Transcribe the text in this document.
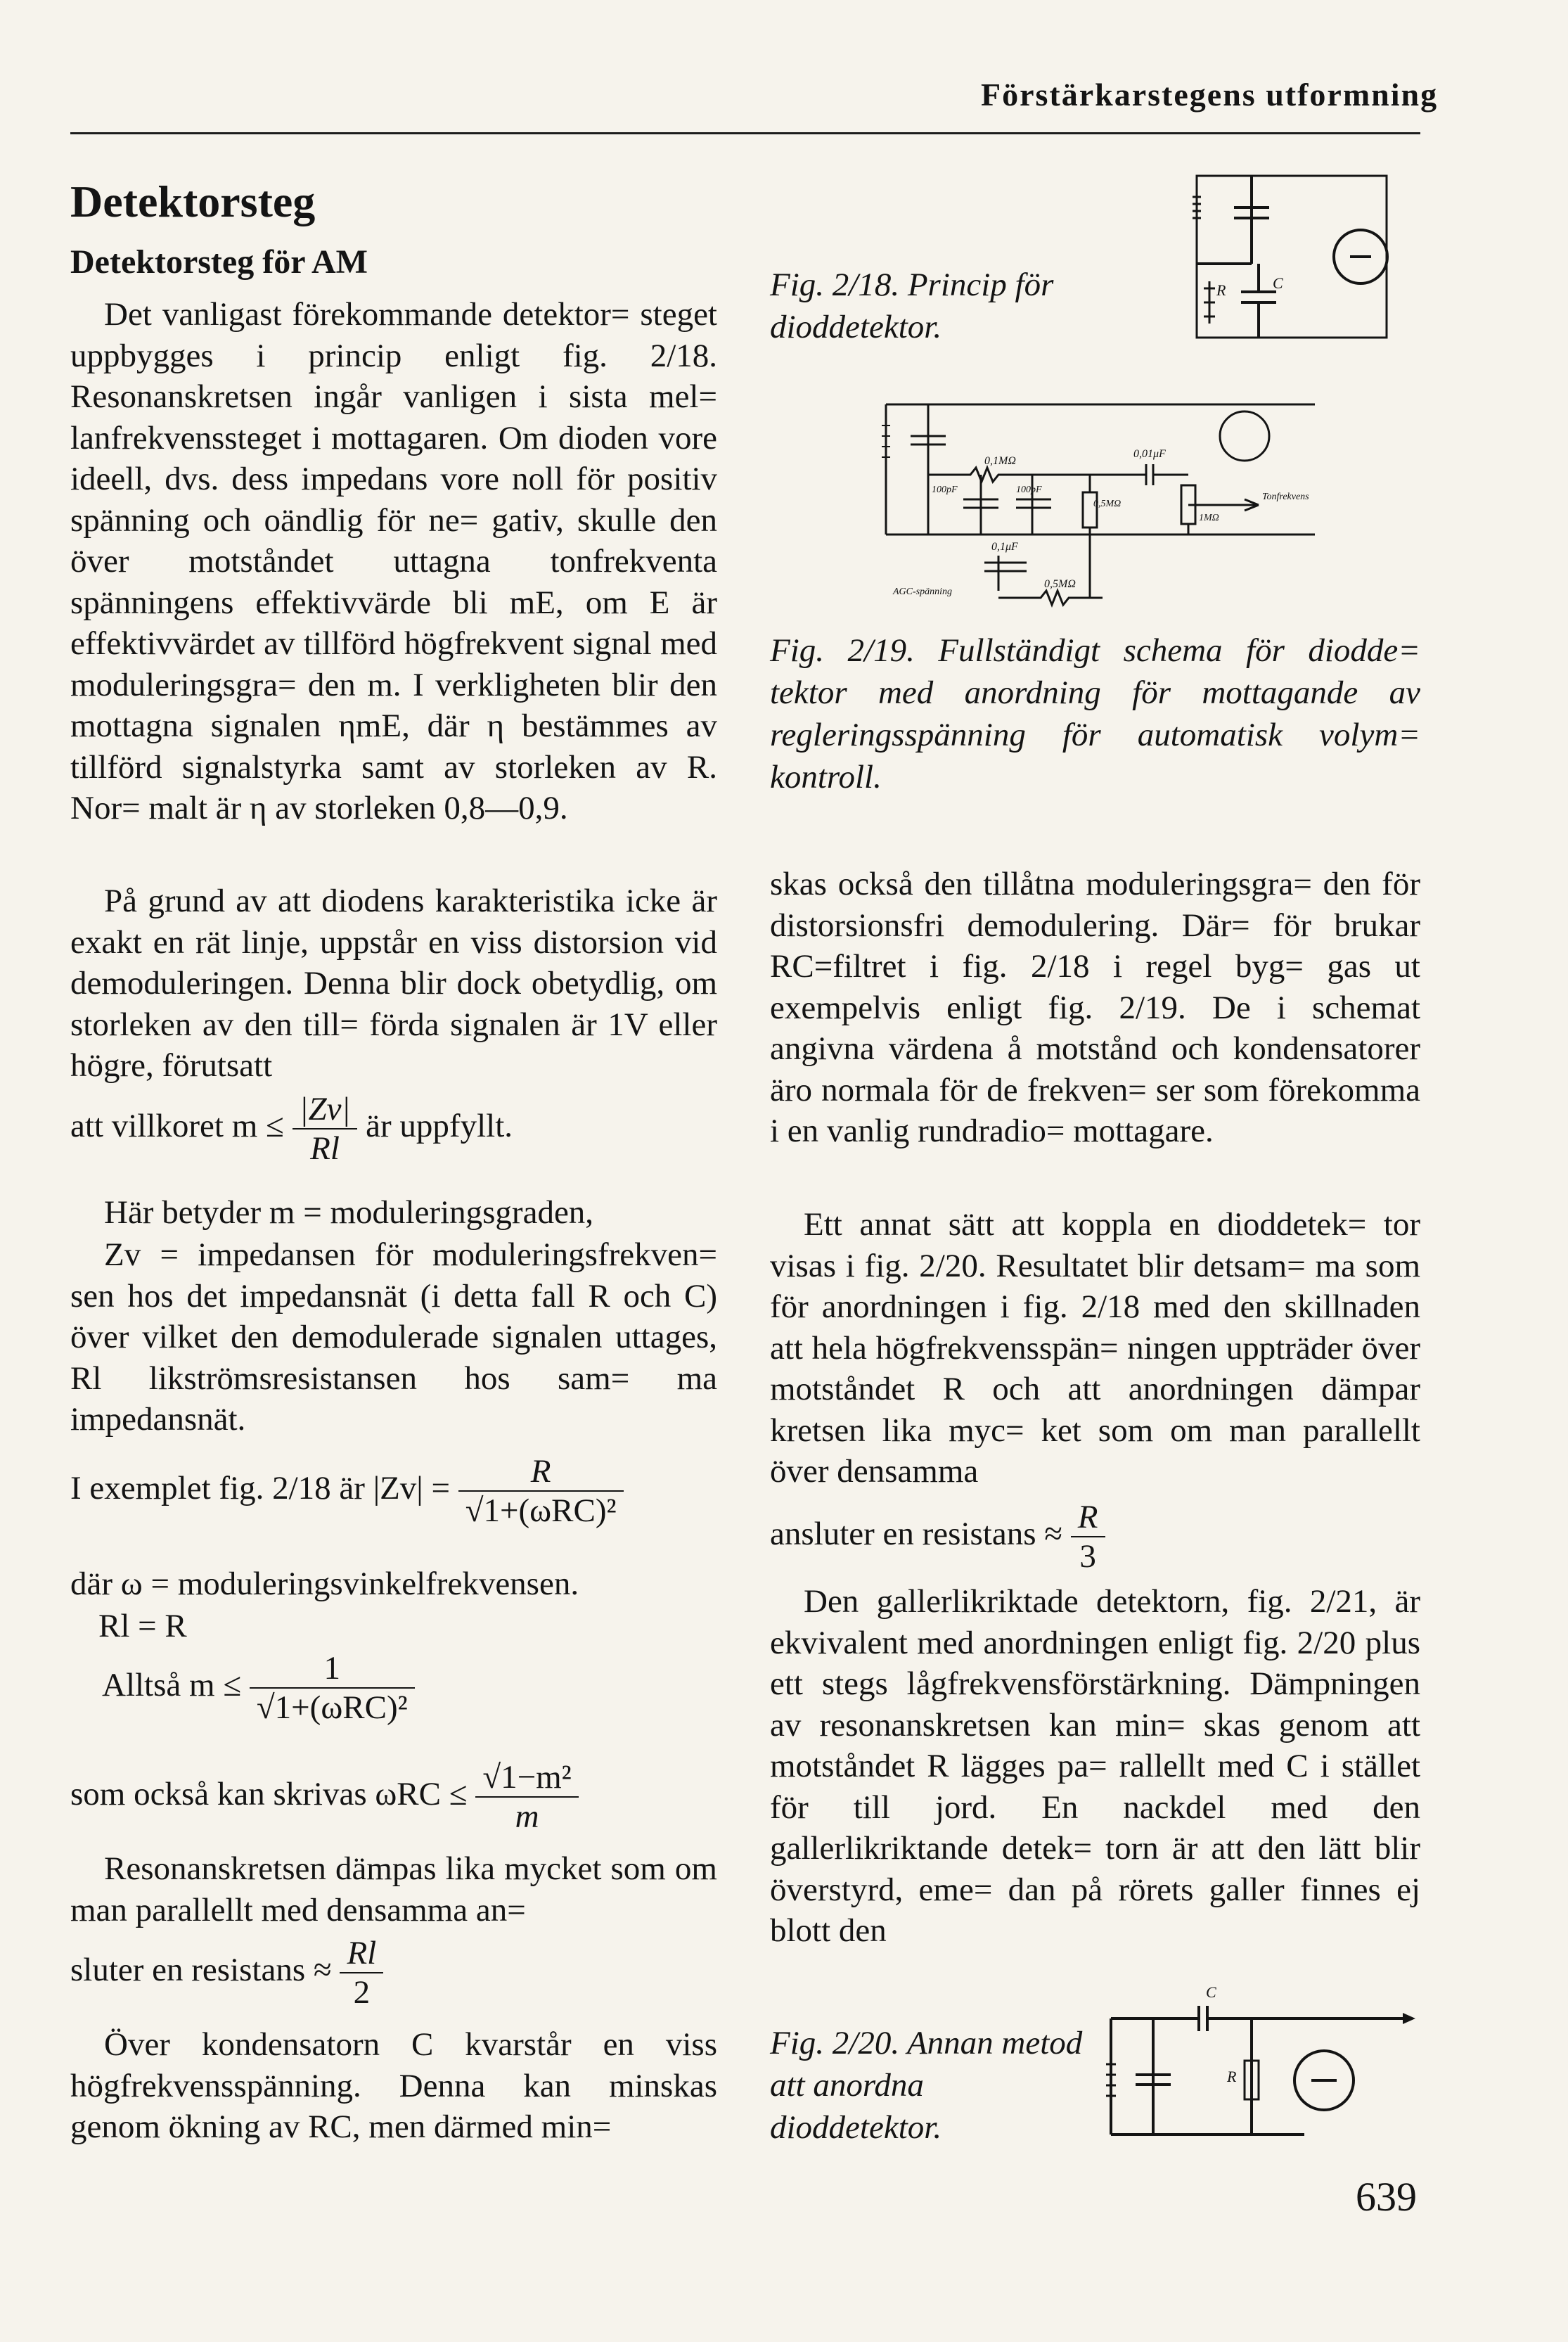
Förstärkarstegens utformning
Detektorsteg
Detektorsteg för AM

Det vanligast förekommande detektor= steget uppbygges i princip enligt fig. 2/18. Resonanskretsen ingår vanligen i sista mel= lanfrekvenssteget i mottagaren. Om dioden vore ideell, dvs. dess impedans vore noll för positiv spänning och oändlig för ne= gativ, skulle den över motståndet uttagna tonfrekventa spänningens effektivvärde bli mE, om E är effektivvärdet av tillförd högfrekvent signal med moduleringsgra= den m. I verkligheten blir den mottagna signalen ηmE, där η bestämmes av tillförd signalstyrka samt av storleken av R. Nor= malt är η av storleken 0,8—0,9.

På grund av att diodens karakteristika icke är exakt en rät linje, uppstår en viss distorsion vid demoduleringen. Denna blir dock obetydlig, om storleken av den till= förda signalen är 1V eller högre, förutsatt

att villkoret $m \le \frac{|Zv|}{Rl}$ är uppfyllt.

Här betyder m = moduleringsgraden,

Zv = impedansen för moduleringsfrekven= sen hos det impedansnät (i detta fall R och C) över vilket den demodulerade signalen uttages, Rl likströmsresistansen hos sam= ma impedansnät.

I exemplet fig. 2/18 är $|Zv| = \frac{R}{\text{√1+(ωRC)²}}$
där ω = moduleringsvinkelfrekvensen.
Rl = R
Alltså $m \le \frac{1}{\text{√1+(ωRC)²}}$
som också kan skrivas $\omega RC \le \frac{\text{√1−m²}}{m}$

Resonanskretsen dämpas lika mycket som om man parallellt med densamma an=

sluter en resistans ≈ $\frac{Rl}{2}$

Över kondensatorn C kvarstår en viss högfrekvensspänning. Denna kan minskas genom ökning av RC, men därmed min=

Fig. 2/18. Princip för dioddetektor.
R	C
0,1MΩ
100pF	100pF
0,5MΩ
0,01μF
1MΩ
Tonfrekvens
0,1μF
AGC-spänning
0,5MΩ
Fig. 2/19. Fullständigt schema för diodde= tektor med anordning för mottagande av regleringsspänning för automatisk volym= kontroll.

skas också den tillåtna moduleringsgra= den för distorsionsfri demodulering. Där= för brukar RC=filtret i fig. 2/18 i regel byg= gas ut exempelvis enligt fig. 2/19. De i schemat angivna värdena å motstånd och kondensatorer äro normala för de frekven= ser som förekomma i en vanlig rundradio= mottagare.

Ett annat sätt att koppla en dioddetek= tor visas i fig. 2/20. Resultatet blir detsam= ma som för anordningen i fig. 2/18 med den skillnaden att hela högfrekvensspän= ningen uppträder över motståndet R och att anordningen dämpar kretsen lika myc= ket som om man parallellt över densamma

ansluter en resistans ≈ $\frac{R}{3}$

Den gallerlikriktade detektorn, fig. 2/21, är ekvivalent med anordningen enligt fig. 2/20 plus ett stegs lågfrekvensförstärkning. Dämpningen av resonanskretsen kan min= skas genom att motståndet R lägges pa= rallellt med C i stället för till jord. En nackdel med den gallerlikriktande detek= torn är att den lätt blir överstyrd, eme= dan på rörets galler finnes ej blott den

Fig. 2/20. Annan metod att anordna dioddetektor.
C
R
639
